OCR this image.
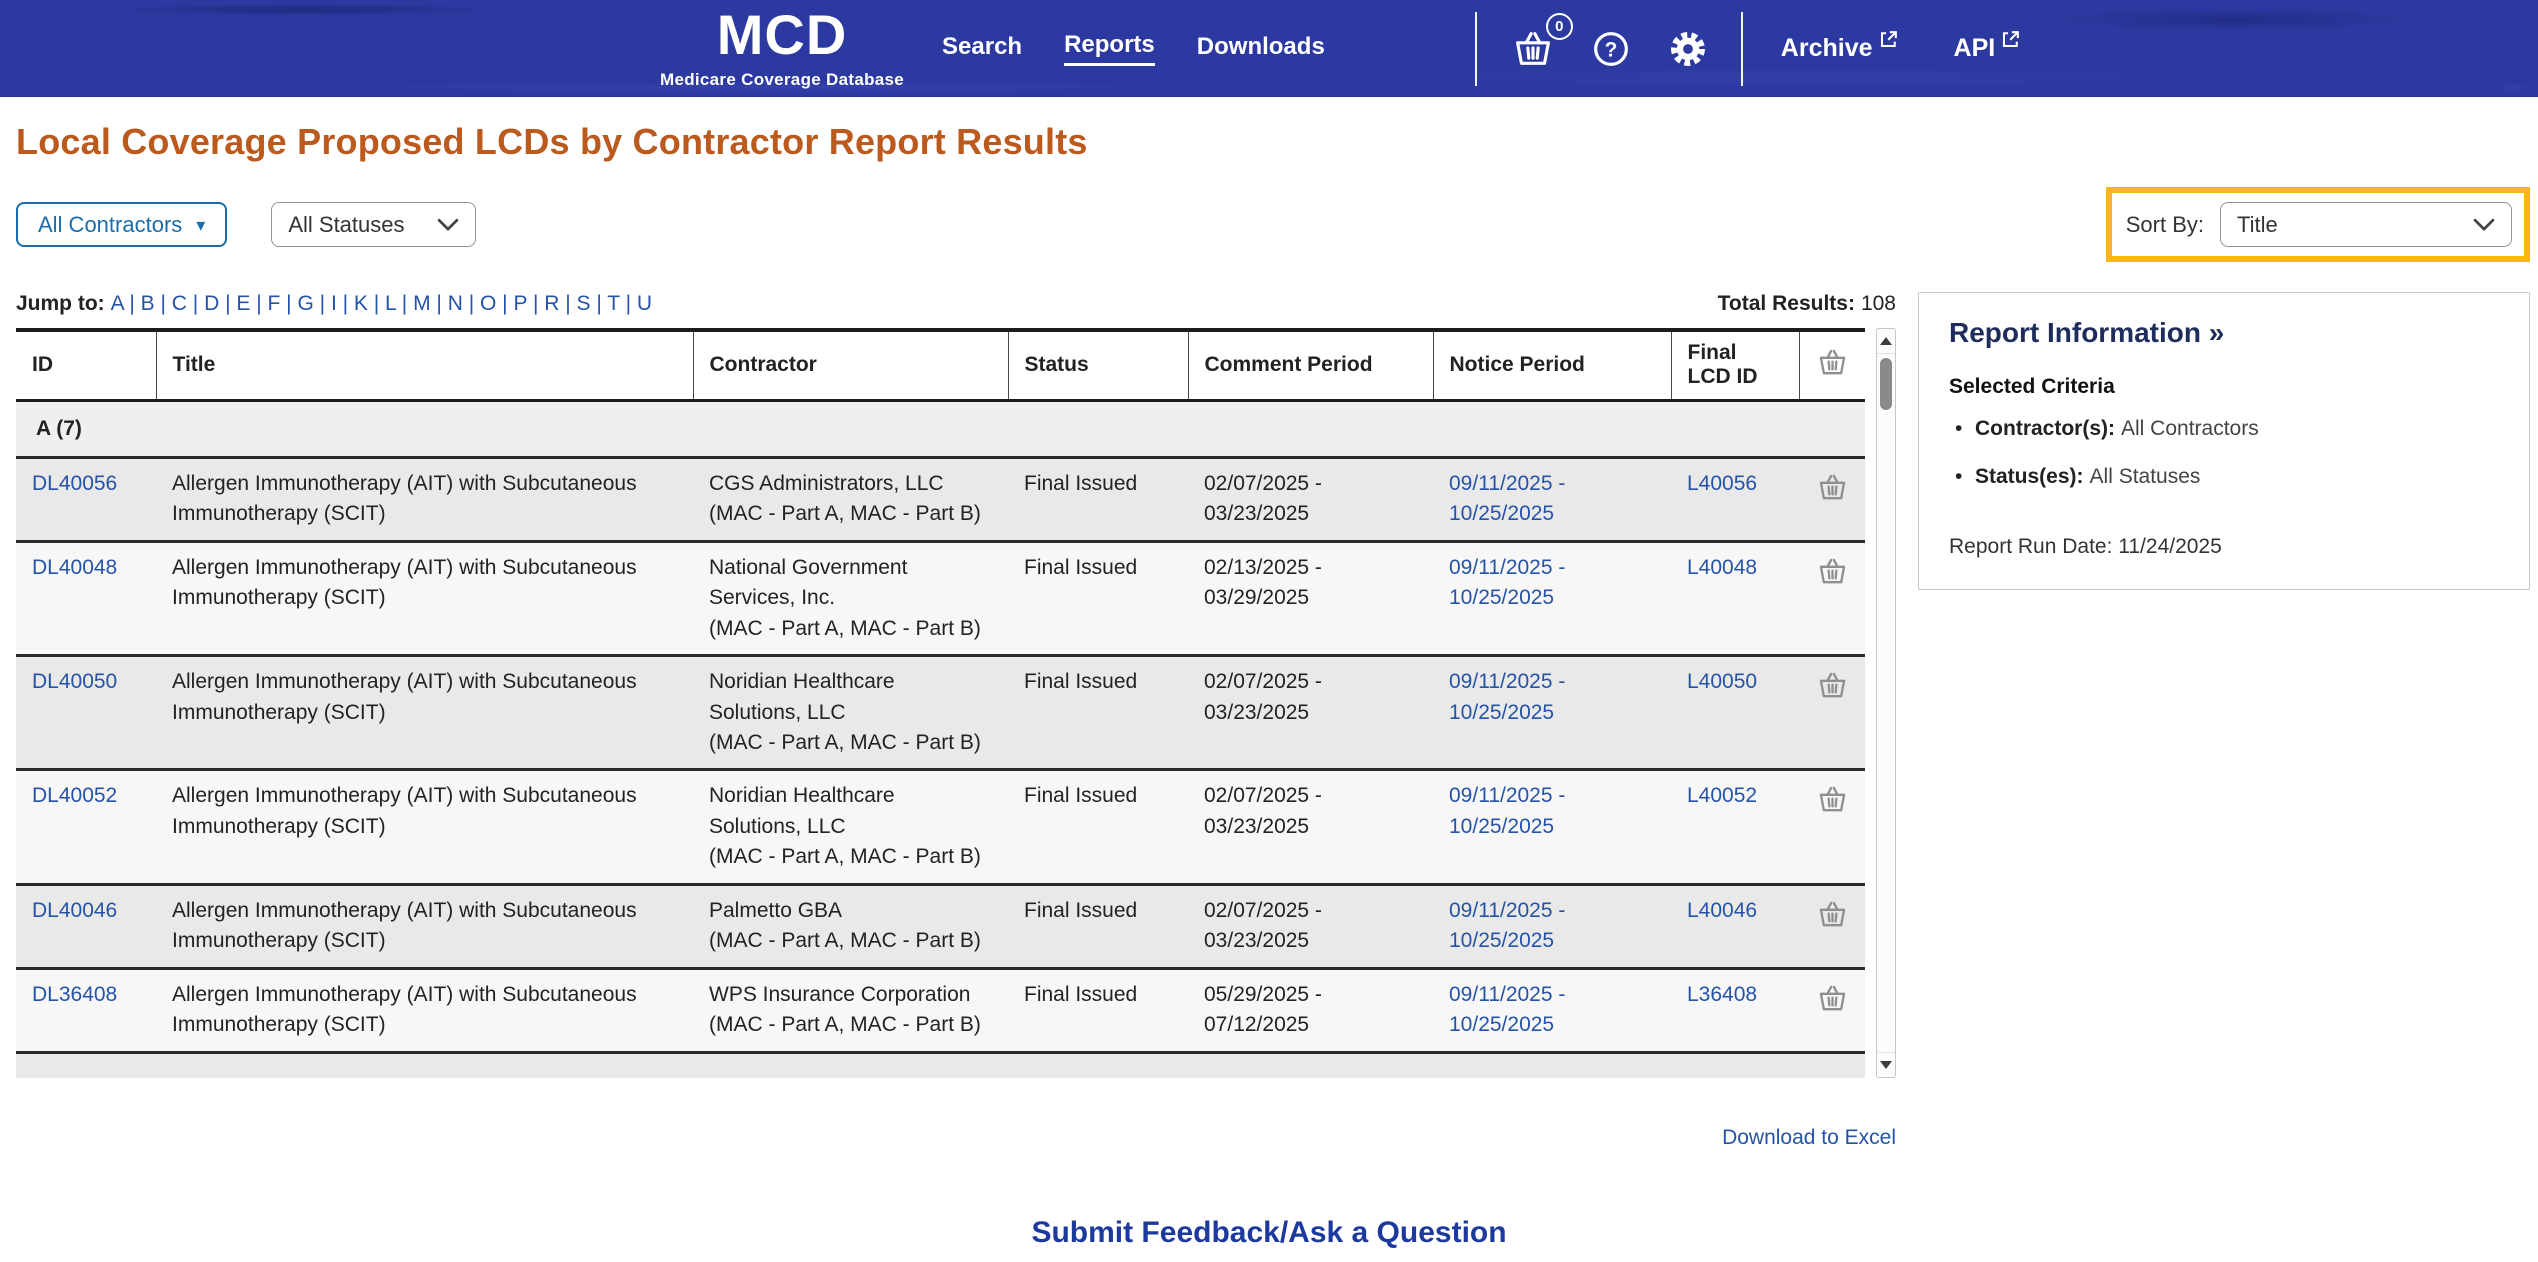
MCD
Medicare Coverage Database
Search Reports Downloads
0
?	Archive	API
Local Coverage Proposed LCDs by Contractor Report Results
All Contractors ▾	All Statuses	Sort By: Title
Jump to: A | B | C | D | E | F | G | I | K | L | M | N | O | P | R | S | T | U	Total Results: 108
ID	Title	Contractor	Status	Comment Period	Notice Period	Final LCD ID	
A (7)							
DL40056	Allergen Immunotherapy (AIT) with Subcutaneous Immunotherapy (SCIT)	CGS Administrators, LLC
(MAC - Part A, MAC - Part B)	Final Issued	02/07/2025 - 03/23/2025	09/11/2025 - 10/25/2025	L40056	
DL40048	Allergen Immunotherapy (AIT) with Subcutaneous Immunotherapy (SCIT)	National Government Services, Inc.
(MAC - Part A, MAC - Part B)	Final Issued	02/13/2025 - 03/29/2025	09/11/2025 - 10/25/2025	L40048	
DL40050	Allergen Immunotherapy (AIT) with Subcutaneous Immunotherapy (SCIT)	Noridian Healthcare Solutions, LLC
(MAC - Part A, MAC - Part B)	Final Issued	02/07/2025 - 03/23/2025	09/11/2025 - 10/25/2025	L40050	
DL40052	Allergen Immunotherapy (AIT) with Subcutaneous Immunotherapy (SCIT)	Noridian Healthcare Solutions, LLC
(MAC - Part A, MAC - Part B)	Final Issued	02/07/2025 - 03/23/2025	09/11/2025 - 10/25/2025	L40052	
DL40046	Allergen Immunotherapy (AIT) with Subcutaneous Immunotherapy (SCIT)	Palmetto GBA
(MAC - Part A, MAC - Part B)	Final Issued	02/07/2025 - 03/23/2025	09/11/2025 - 10/25/2025	L40046	
DL36408	Allergen Immunotherapy (AIT) with Subcutaneous Immunotherapy (SCIT)	WPS Insurance Corporation
(MAC - Part A, MAC - Part B)	Final Issued	05/29/2025 - 07/12/2025	09/11/2025 - 10/25/2025	L36408	

Download to Excel
Report Information »
Selected Criteria
• Contractor(s): All Contractors
• Status(es): All Statuses
Report Run Date: 11/24/2025
Submit Feedback/Ask a Question
